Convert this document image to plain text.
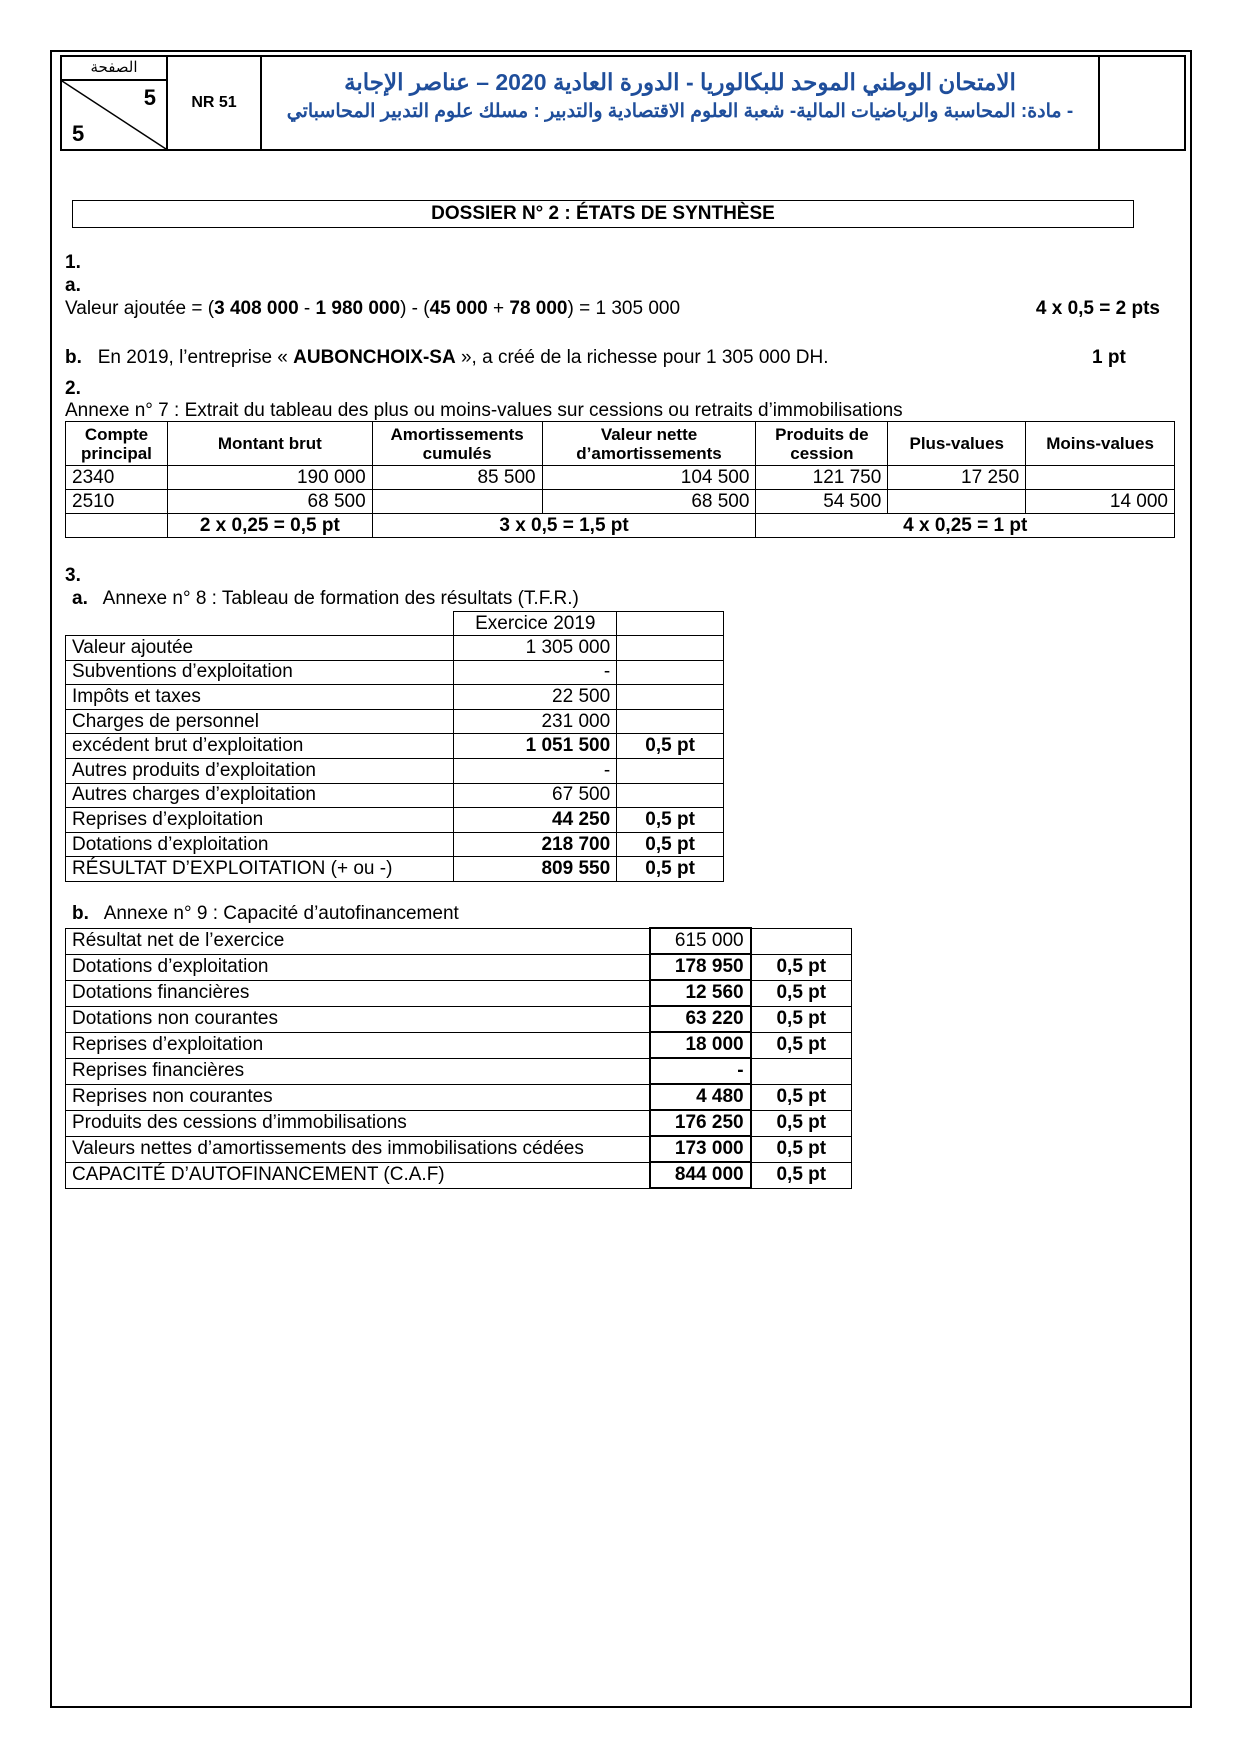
الصفحة
5
5
NR 51
الامتحان الوطني الموحد للبكالوريا - الدورة العادية 2020 – عناصر الإجابة
- مادة: المحاسبة والرياضيات المالية- شعبة العلوم الاقتصادية والتدبير : مسلك علوم التدبير المحاسباتي
DOSSIER N° 2 : ÉTATS DE SYNTHÈSE
1.
a.
Valeur ajoutée = (3 408 000 - 1 980 000) - (45 000 + 78 000) = 1 305 000	4 x 0,5 = 2 pts
b. En 2019, l’entreprise « AUBONCHOIX-SA », a créé de la richesse pour 1 305 000 DH.	1 pt
2.
Annexe n° 7 : Extrait du tableau des plus ou moins-values sur cessions ou retraits d’immobilisations
Compte principal	Montant brut	Amortissements cumulés	Valeur nette d’amortissements	Produits de cession	Plus-values	Moins-values
2340	190 000	85 500	104 500	121 750	17 250	
2510	68 500		68 500	54 500		14 000
	2 x 0,25 = 0,5 pt	3 x 0,5 = 1,5 pt		4 x 0,25 = 1 pt		
3.
a. Annexe n° 8 : Tableau de formation des résultats (T.F.R.)
	Exercice 2019	
Valeur ajoutée	1 305 000	
Subventions d’exploitation	-	
Impôts et taxes	22 500	
Charges de personnel	231 000	
excédent brut d’exploitation	1 051 500	0,5 pt
Autres produits d’exploitation	-	
Autres charges d’exploitation	67 500	
Reprises d’exploitation	44 250	0,5 pt
Dotations d’exploitation	218 700	0,5 pt
RÉSULTAT D’EXPLOITATION (+ ou -)	809 550	0,5 pt
b. Annexe n° 9 : Capacité d’autofinancement
Résultat net de l’exercice	615 000	
Dotations d’exploitation	178 950	0,5 pt
Dotations financières	12 560	0,5 pt
Dotations non courantes	63 220	0,5 pt
Reprises d’exploitation	18 000	0,5 pt
Reprises financières	-	
Reprises non courantes	4 480	0,5 pt
Produits des cessions d’immobilisations	176 250	0,5 pt
Valeurs nettes d’amortissements des immobilisations cédées	173 000	0,5 pt
CAPACITÉ D’AUTOFINANCEMENT (C.A.F)	844 000	0,5 pt
